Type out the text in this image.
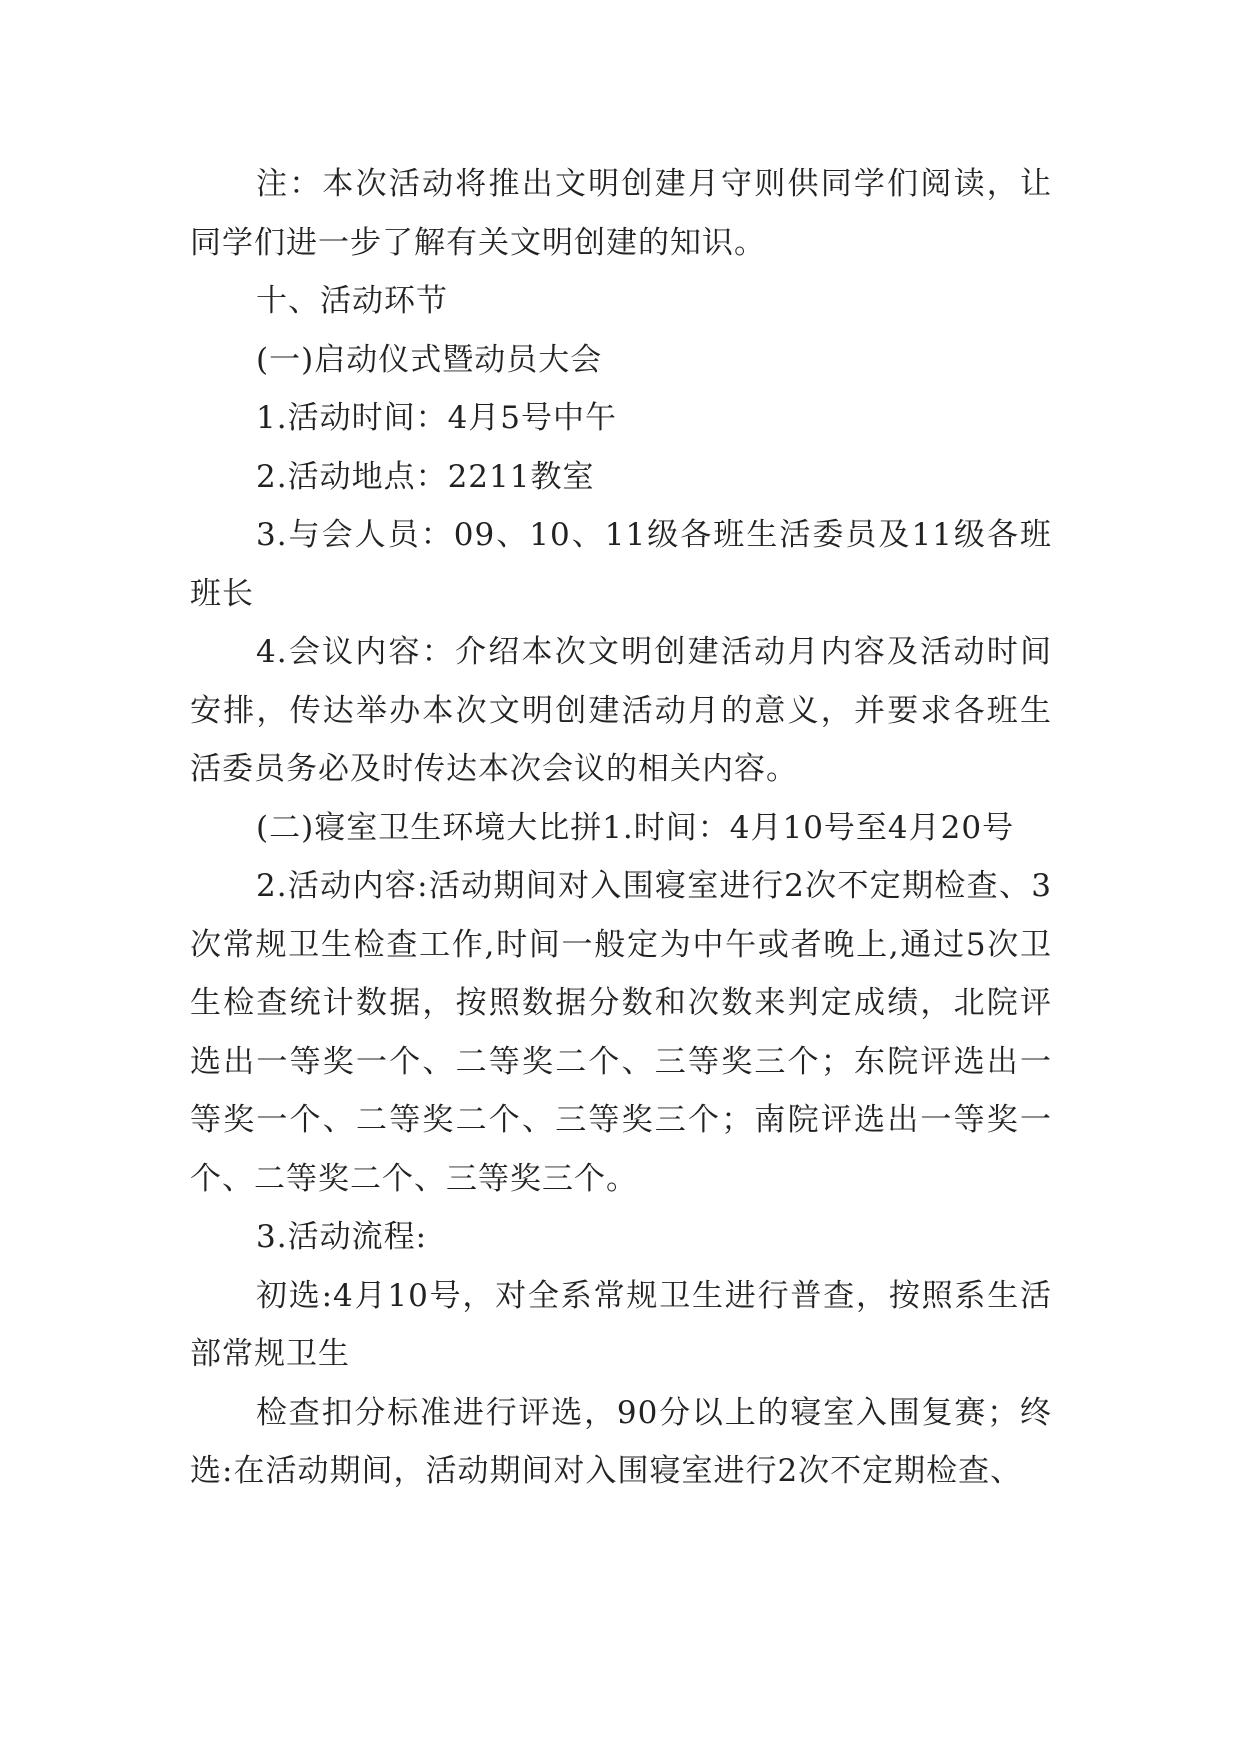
注：本次活动将推出文明创建月守则供同学们阅读，让同学们进一步了解有关文明创建的知识。

十、活动环节

(一)启动仪式暨动员大会

1.活动时间：4月5号中午

2.活动地点：2211教室

3.与会人员：09、10、11级各班生活委员及11级各班班长

4.会议内容：介绍本次文明创建活动月内容及活动时间安排，传达举办本次文明创建活动月的意义，并要求各班生活委员务必及时传达本次会议的相关内容。

(二)寝室卫生环境大比拼1.时间：4月10号至4月20号

2.活动内容:活动期间对入围寝室进行2次不定期检查、3次常规卫生检查工作,时间一般定为中午或者晚上,通过5次卫生检查统计数据，按照数据分数和次数来判定成绩，北院评选出一等奖一个、二等奖二个、三等奖三个；东院评选出一等奖一个、二等奖二个、三等奖三个；南院评选出一等奖一个、二等奖二个、三等奖三个。

3.活动流程:

初选:4月10号，对全系常规卫生进行普查，按照系生活部常规卫生

检查扣分标准进行评选，90分以上的寝室入围复赛；终选:在活动期间，活动期间对入围寝室进行2次不定期检查、
